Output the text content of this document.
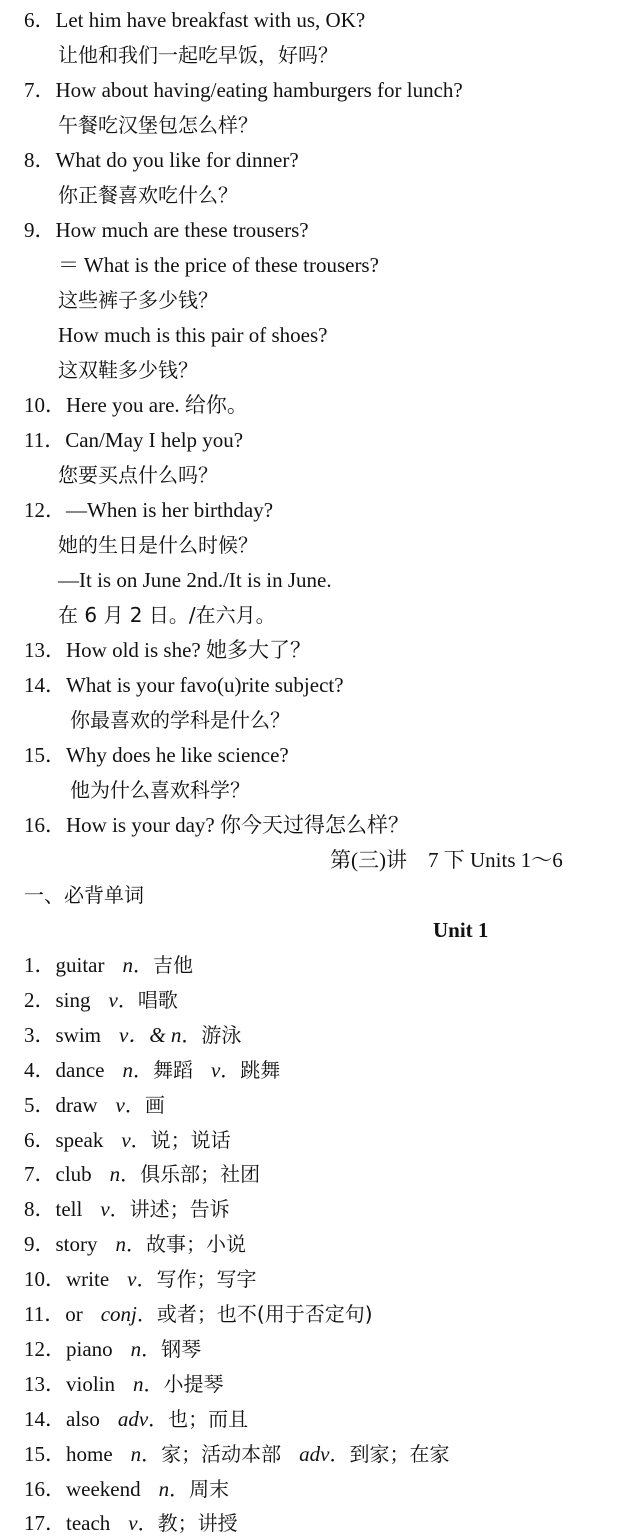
6．Let him have breakfast with us, OK?
让他和我们一起吃早饭，好吗？
7．How about having/eating hamburgers for lunch?
午餐吃汉堡包怎么样？
8．What do you like for dinner?
你正餐喜欢吃什么？
9．How much are these trousers?
＝ What is the price of these trousers?
这些裤子多少钱？
How much is this pair of shoes?
这双鞋多少钱？
10．Here you are. 给你。
11．Can/May I help you?
您要买点什么吗？
12．—When is her birthday?
她的生日是什么时候？
—It is on June 2nd./It is in June.
在 6 月 2 日。/在六月。
13．How old is she? 她多大了？
14．What is your favo(u)rite subject?
你最喜欢的学科是什么？
15．Why does he like science?
他为什么喜欢科学？
16．How is your day? 你今天过得怎么样？
第(三)讲　7 下 Units 1～6
一、必背单词
Unit 1
1．guitar n．吉他
2．sing v．唱歌
3．swim v．& n．游泳
4．dance n．舞蹈 v．跳舞
5．draw v．画
6．speak v．说；说话
7．club n．俱乐部；社团
8．tell v．讲述；告诉
9．story n．故事；小说
10．write v．写作；写字
11．or conj．或者；也不(用于否定句)
12．piano n．钢琴
13．violin n．小提琴
14．also adv．也；而且
15．home n．家；活动本部 adv．到家；在家
16．weekend n．周末
17．teach v．教；讲授
